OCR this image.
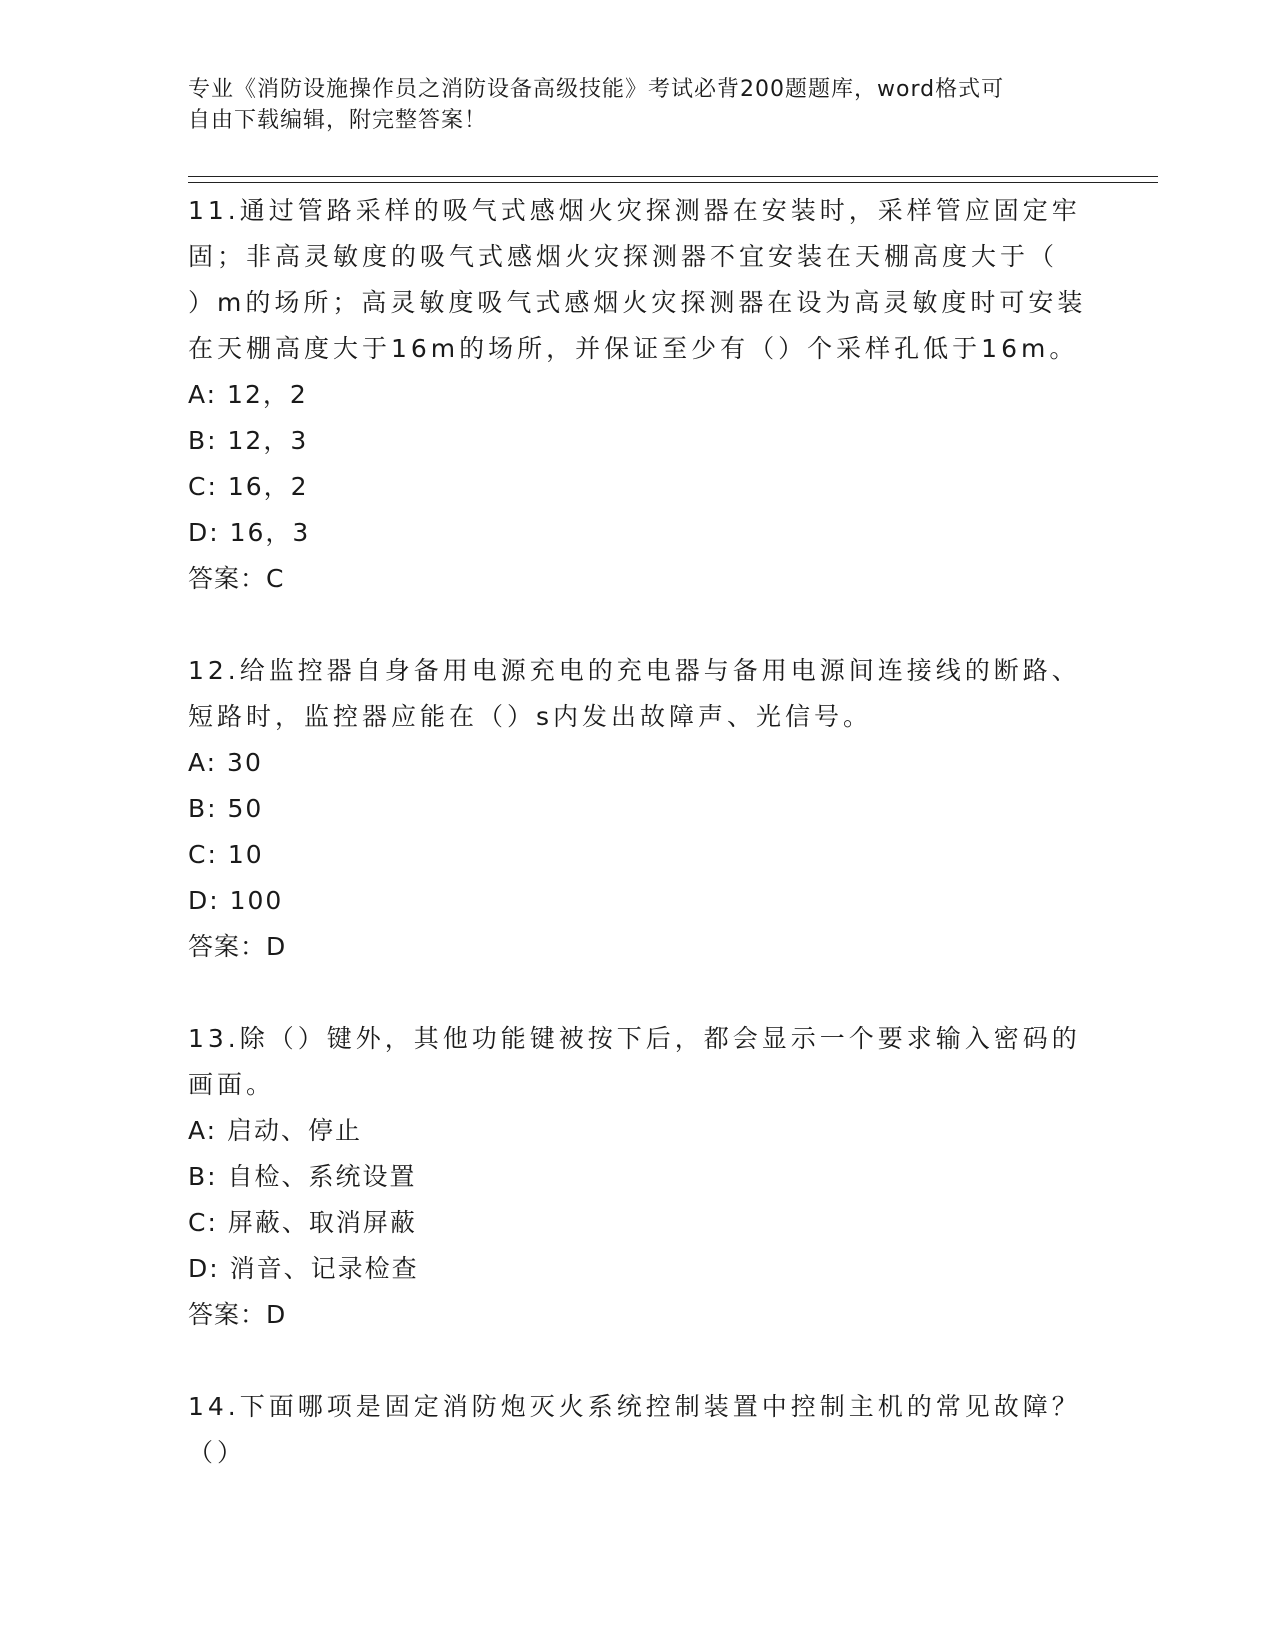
专业《消防设施操作员之消防设备高级技能》考试必背200题题库，word格式可

自由下载编辑，附完整答案！

11.通过管路采样的吸气式感烟火灾探测器在安装时，采样管应固定牢
固；非高灵敏度的吸气式感烟火灾探测器不宜安装在天棚高度大于（
）m的场所；高灵敏度吸气式感烟火灾探测器在设为高灵敏度时可安装
在天棚高度大于16m的场所，并保证至少有（）个采样孔低于16m。

A: 12，2

B: 12，3

C: 16，2

D: 16，3

答案：C

12.给监控器自身备用电源充电的充电器与备用电源间连接线的断路、
短路时，监控器应能在（）s内发出故障声、光信号。

A: 30

B: 50

C: 10

D: 100

答案：D

13.除（）键外，其他功能键被按下后，都会显示一个要求输入密码的
画面。

A: 启动、停止

B: 自检、系统设置

C: 屏蔽、取消屏蔽

D: 消音、记录检查

答案：D

14.下面哪项是固定消防炮灭火系统控制装置中控制主机的常见故障？
（）
